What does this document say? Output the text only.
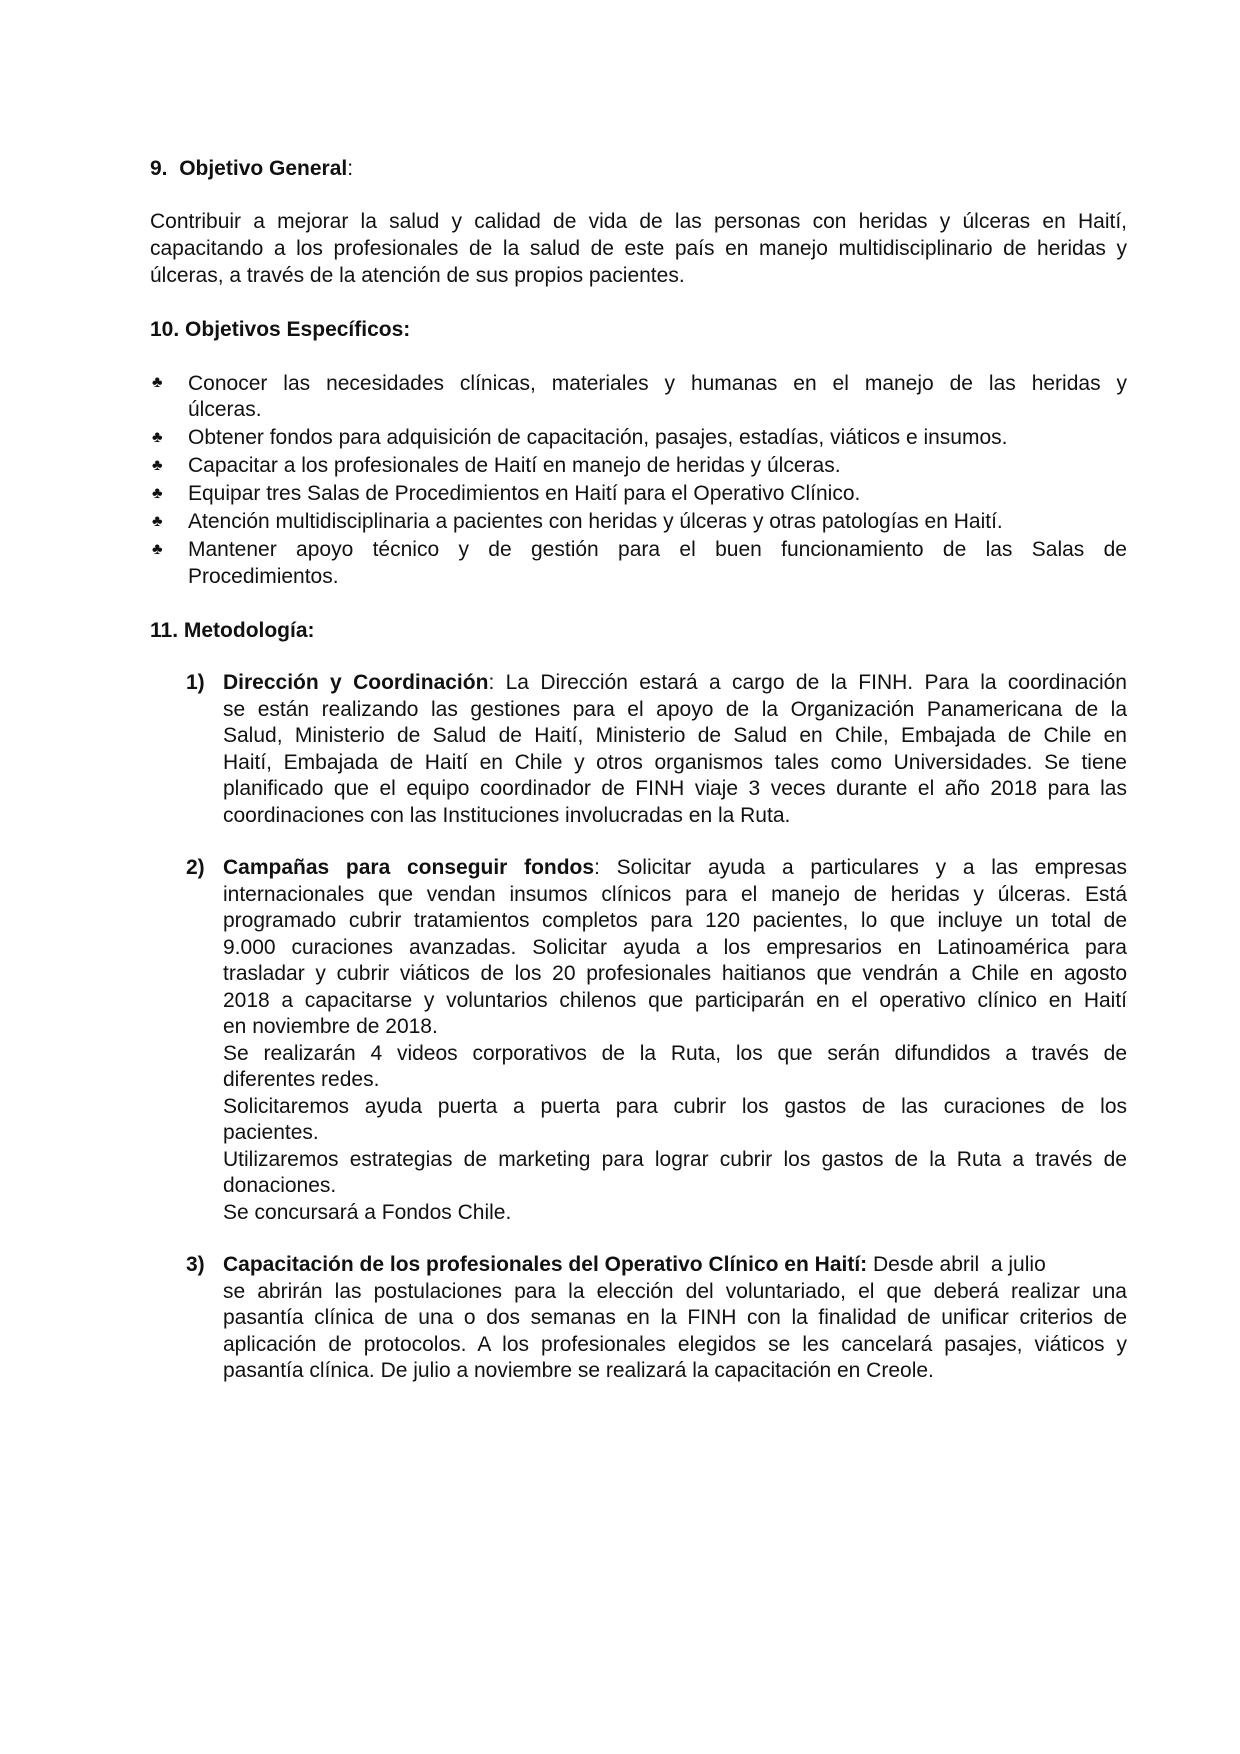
9. Objetivo General:
Contribuir a mejorar la salud y calidad de vida de las personas con heridas y úlceras en Haití,
capacitando a los profesionales de la salud de este país en manejo multidisciplinario de heridas y
úlceras, a través de la atención de sus propios pacientes.
10. Objetivos Específicos:
♣ Conocer las necesidades clínicas, materiales y humanas en el manejo de las heridas y
úlceras.
♣ Obtener fondos para adquisición de capacitación, pasajes, estadías, viáticos e insumos.
♣ Capacitar a los profesionales de Haití en manejo de heridas y úlceras.
♣ Equipar tres Salas de Procedimientos en Haití para el Operativo Clínico.
♣ Atención multidisciplinaria a pacientes con heridas y úlceras y otras patologías en Haití.
♣ Mantener apoyo técnico y de gestión para el buen funcionamiento de las Salas de
Procedimientos.
11. Metodología:
1) Dirección y Coordinación: La Dirección estará a cargo de la FINH. Para la coordinación
se están realizando las gestiones para el apoyo de la Organización Panamericana de la
Salud, Ministerio de Salud de Haití, Ministerio de Salud en Chile, Embajada de Chile en
Haití, Embajada de Haití en Chile y otros organismos tales como Universidades. Se tiene
planificado que el equipo coordinador de FINH viaje 3 veces durante el año 2018 para las
coordinaciones con las Instituciones involucradas en la Ruta.
2) Campañas para conseguir fondos: Solicitar ayuda a particulares y a las empresas
internacionales que vendan insumos clínicos para el manejo de heridas y úlceras. Está
programado cubrir tratamientos completos para 120 pacientes, lo que incluye un total de
9.000 curaciones avanzadas. Solicitar ayuda a los empresarios en Latinoamérica para
trasladar y cubrir viáticos de los 20 profesionales haitianos que vendrán a Chile en agosto
2018 a capacitarse y voluntarios chilenos que participarán en el operativo clínico en Haití
en noviembre de 2018.
Se realizarán 4 videos corporativos de la Ruta, los que serán difundidos a través de
diferentes redes.
Solicitaremos ayuda puerta a puerta para cubrir los gastos de las curaciones de los
pacientes.
Utilizaremos estrategias de marketing para lograr cubrir los gastos de la Ruta a través de
donaciones.
Se concursará a Fondos Chile.
3) Capacitación de los profesionales del Operativo Clínico en Haití: Desde abril  a julio
se abrirán las postulaciones para la elección del voluntariado, el que deberá realizar una
pasantía clínica de una o dos semanas en la FINH con la finalidad de unificar criterios de
aplicación de protocolos. A los profesionales elegidos se les cancelará pasajes, viáticos y
pasantía clínica. De julio a noviembre se realizará la capacitación en Creole.
